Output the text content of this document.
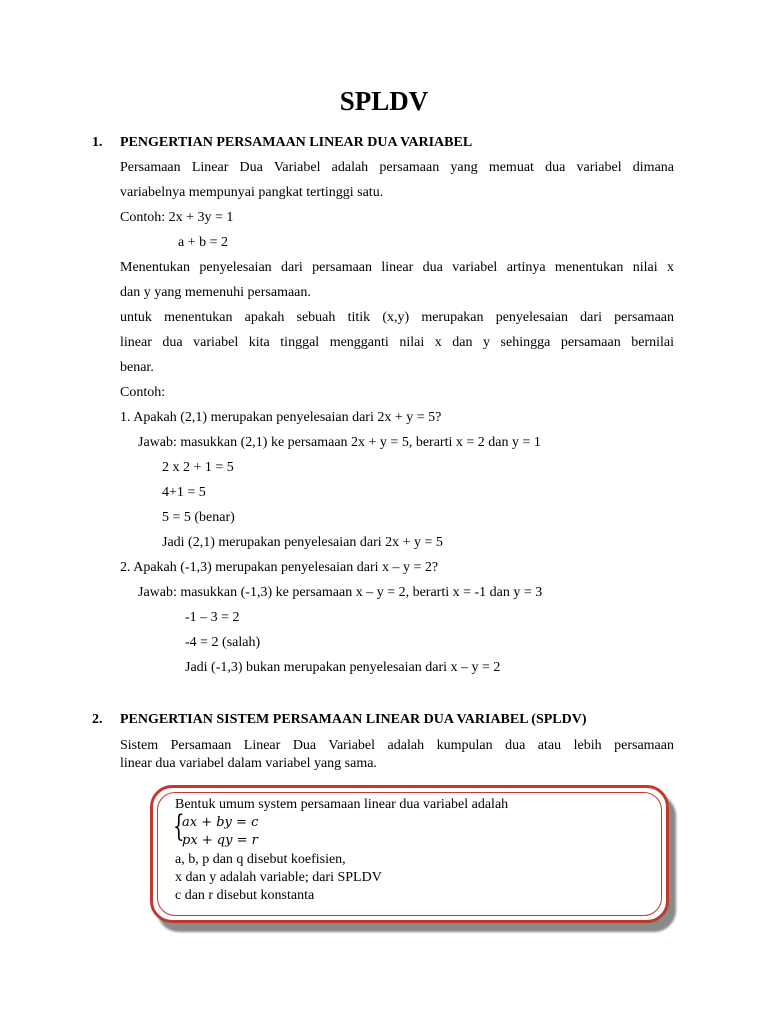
SPLDV
1. PENGERTIAN PERSAMAAN LINEAR DUA VARIABEL
Persamaan Linear Dua Variabel adalah persamaan yang memuat dua variabel dimana
variabelnya mempunyai pangkat tertinggi satu.
Contoh: 2x + 3y = 1
a + b = 2
Menentukan penyelesaian dari persamaan linear dua variabel artinya menentukan nilai x
dan y yang memenuhi persamaan.
untuk menentukan apakah sebuah titik (x,y) merupakan penyelesaian dari persamaan
linear dua variabel kita tinggal mengganti nilai x dan y sehingga persamaan bernilai
benar.
Contoh:
1. Apakah (2,1) merupakan penyelesaian dari 2x + y = 5?
Jawab: masukkan (2,1) ke persamaan 2x + y = 5, berarti x = 2 dan y = 1
2 x 2 + 1 = 5
4+1 = 5
5 = 5 (benar)
Jadi (2,1) merupakan penyelesaian dari 2x + y = 5
2. Apakah (-1,3) merupakan penyelesaian dari x – y = 2?
Jawab: masukkan (-1,3) ke persamaan x – y = 2, berarti x = -1 dan y = 3
-1 – 3 = 2
-4 = 2 (salah)
Jadi (-1,3) bukan merupakan penyelesaian dari x – y = 2
2. PENGERTIAN SISTEM PERSAMAAN LINEAR DUA VARIABEL (SPLDV)
Sistem Persamaan Linear Dua Variabel adalah kumpulan dua atau lebih persamaan
linear dua variabel dalam variabel yang sama.
Bentuk umum system persamaan linear dua variabel adalah
{
ax + by = c
px + qy = r
a, b, p dan q disebut koefisien,
x dan y adalah variable; dari SPLDV
c dan r disebut konstanta
